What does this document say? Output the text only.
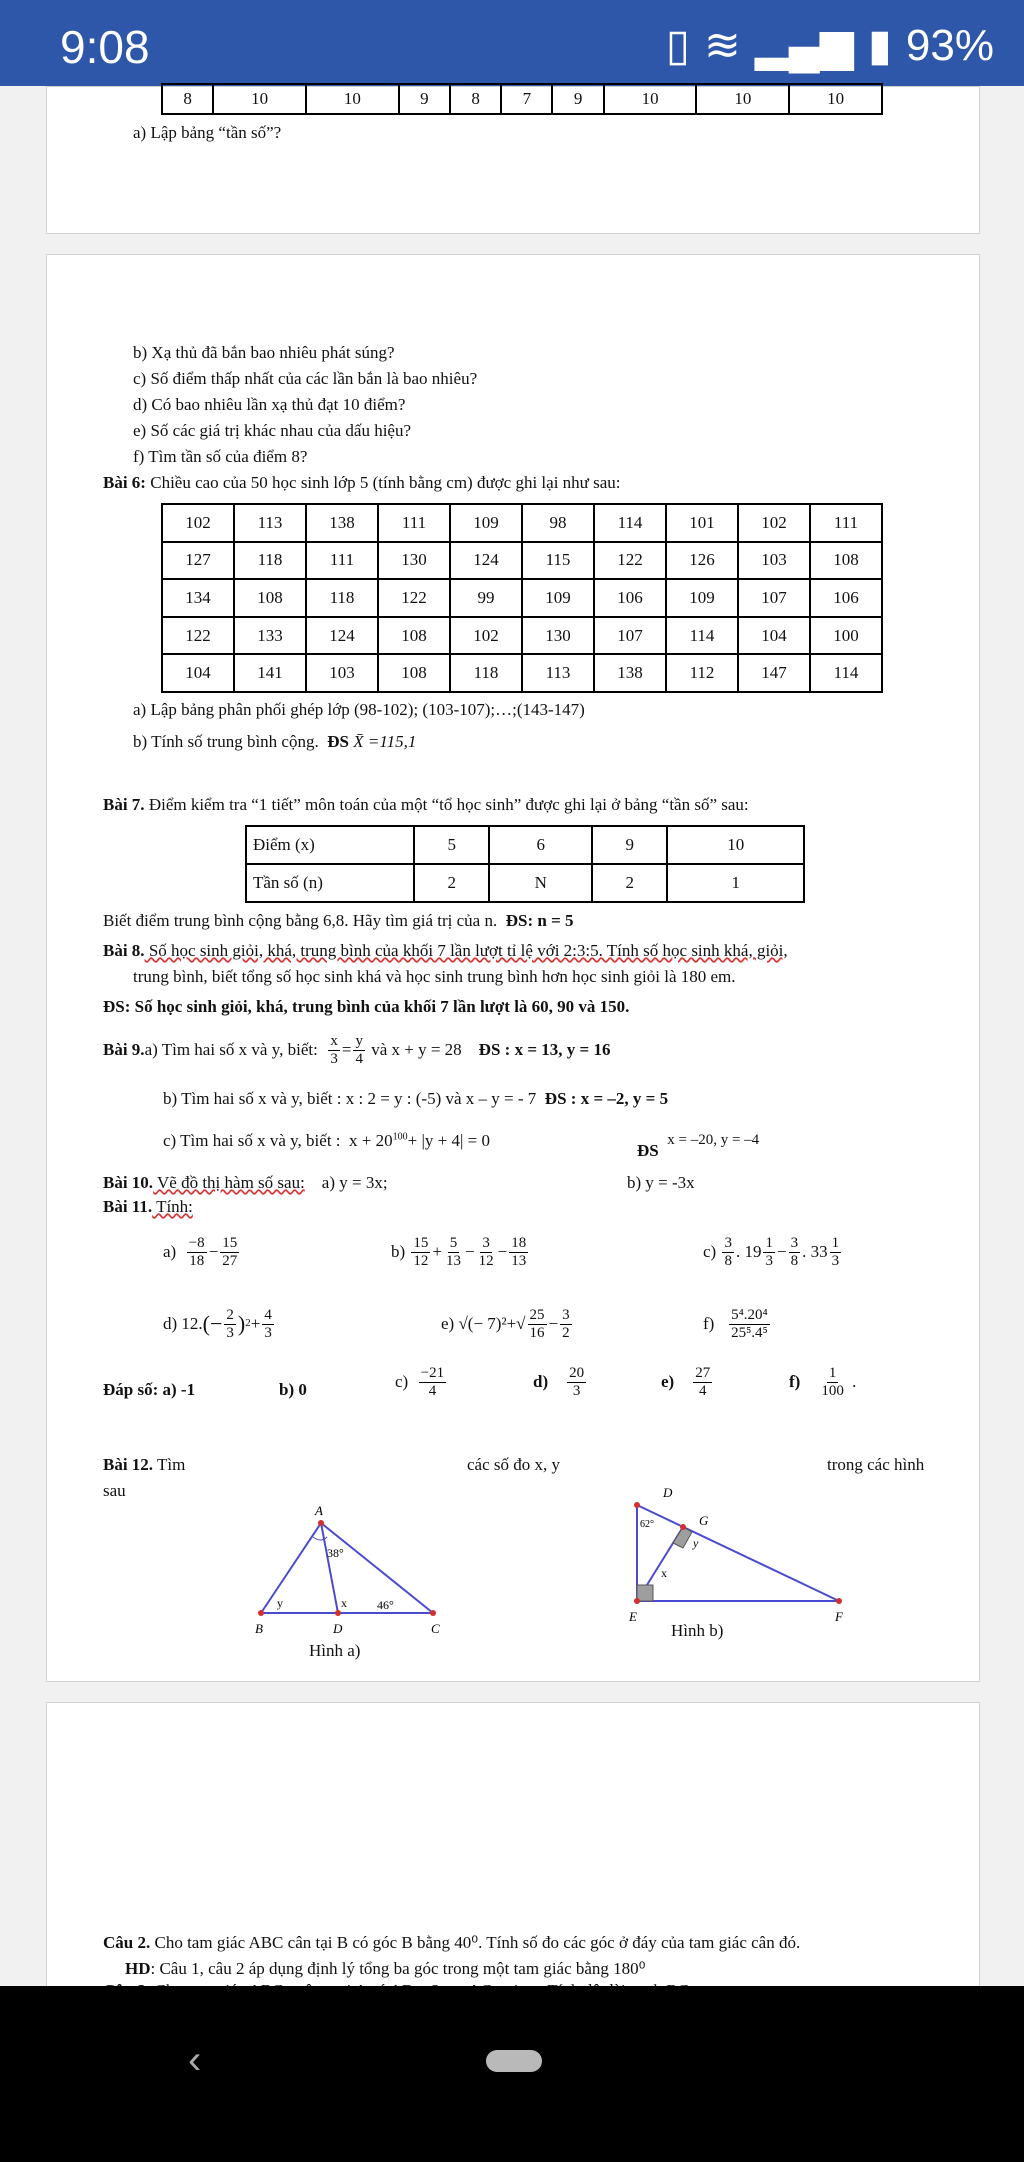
9:08	▯ ≋ ▂▄▆ ▮ 93%
8	10	10	9	8	7	9	10	10	10
a) Lập bảng “tần số”?
b) Xạ thủ đã bắn bao nhiêu phát súng?
c) Số điểm thấp nhất của các lần bắn là bao nhiêu?
d) Có bao nhiêu lần xạ thủ đạt 10 điểm?
e) Số các giá trị khác nhau của dấu hiệu?
f) Tìm tần số của điểm 8?
Bài 6: Chiều cao của 50 học sinh lớp 5 (tính bằng cm) được ghi lại như sau:
102	113	138	111	109	98	114	101	102	111
127	118	111	130	124	115	122	126	103	108
134	108	118	122	99	109	106	109	107	106
122	133	124	108	102	130	107	114	104	100
104	141	103	108	118	113	138	112	147	114
a) Lập bảng phân phối ghép lớp (98-102); (103-107);…;(143-147)
b) Tính số trung bình cộng. ĐS X̄ =115,1
Bài 7. Điểm kiểm tra “1 tiết” môn toán của một “tổ học sinh” được ghi lại ở bảng “tần số” sau:
Điểm (x)	5	6	9	10
Tần số (n)	2	N	2	1
Biết điểm trung bình cộng bằng 6,8. Hãy tìm giá trị của n. ĐS: n = 5
Bài 8. Số học sinh giỏi, khá, trung bình của khối 7 lần lượt tỉ lệ với 2:3:5. Tính số học sinh khá, giỏi,
trung bình, biết tổng số học sinh khá và học sinh trung bình hơn học sinh giỏi là 180 em.
ĐS: Số học sinh giỏi, khá, trung bình của khối 7 lần lượt là 60, 90 và 150.
Bài 9. a) Tìm hai số x và y, biết:
$\frac{x}{3} = \frac{y}{4}$
và x + y = 28
ĐS : x = 13, y = 16
b) Tìm hai số x và y, biết : x : 2 = y : (-5) và x – y = - 7 ĐS : x = –2, y = 5
c) Tìm hai số x và y, biết : $x + 20^{100}+ |y + 4| = 0$
ĐS  x = –20, y = –4
Bài 10. Vẽ đồ thị hàm số sau: a) y = 3x;	b) y = -3x
Bài 11. Tính:
a)
$\frac{-8}{18} - \frac{15}{27}$	b)
$\frac{15}{12} + \frac{5}{13} - \frac{3}{12} - \frac{18}{13}$	c)
$\frac{3}{8}$ . $19 \frac{1}{3} - \frac{3}{8}$ . $33 \frac{1}{3}$
d)
12. (− $\frac{2}{3}$ ) $2 + \frac{4}{3}$	e)
√(− 7)² + √ $\frac{25}{16} - \frac{3}{2}$	f)
$\frac{\text{5⁴.20⁴}}{\text{25⁵.4⁵}}$
Đáp số: a) -1	b) 0	c)
$\frac{-21}{4}$	d)
$\frac{20}{3}$	e)
$\frac{27}{4}$	f)
$\frac{1}{100}$ .
Bài 12. Tìm	các số đo x, y	trong các hình
sau
A
B	D	C
38°
46°
x
y
Hình a)
D
G
E	F
62°
x
y
Hình b)
Câu 2. Cho tam giác ABC cân tại B có góc B bằng 40⁰. Tính số đo các góc ở đáy của tam giác cân đó.
HD: Câu 1, câu 2 áp dụng định lý tổng ba góc trong một tam giác bằng 180⁰
‹
